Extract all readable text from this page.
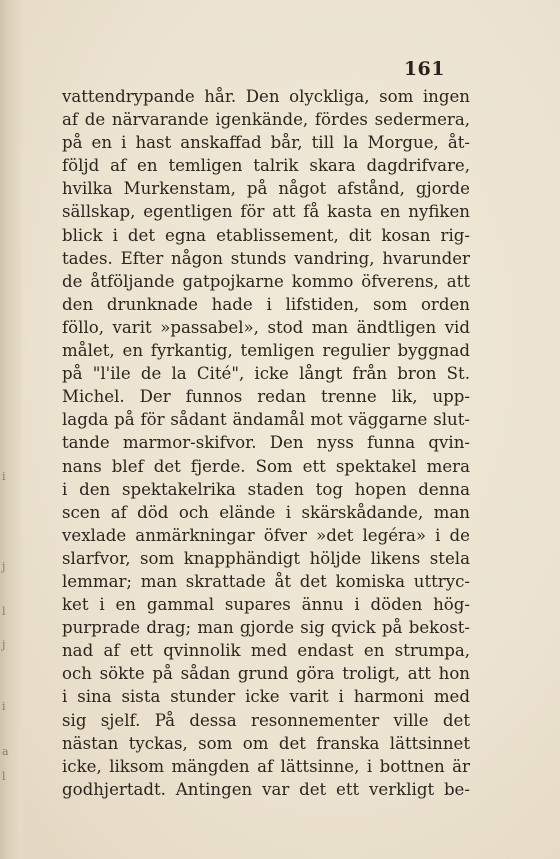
i
j
l
j
i
a
l
161
vattendrypande hår. Den olyckliga, som ingen
af de närvarande igenkände, fördes sedermera,
på en i hast anskaffad bår, till la Morgue, åt-
följd af en temligen talrik skara dagdrifvare,
hvilka Murkenstam, på något afstånd, gjorde
sällskap, egentligen för att få kasta en nyfiken
blick i det egna etablissement, dit kosan rig-
tades. Efter någon stunds vandring, hvarunder
de åtföljande gatpojkarne kommo öfverens, att
den drunknade hade i lifstiden, som orden
föllo, varit »passabel», stod man ändtligen vid
målet, en fyrkantig, temligen regulier byggnad
på "l'ile de la Cité", icke långt från bron St.
Michel. Der funnos redan trenne lik, upp-
lagda på för sådant ändamål mot väggarne slut-
tande marmor-skifvor. Den nyss funna qvin-
nans blef det fjerde. Som ett spektakel mera
i den spektakelrika staden tog hopen denna
scen af död och elände i skärskådande, man
vexlade anmärkningar öfver »det legéra» i de
slarfvor, som knapphändigt höljde likens stela
lemmar; man skrattade åt det komiska uttryc-
ket i en gammal supares ännu i döden hög-
purprade drag; man gjorde sig qvick på bekost-
nad af ett qvinnolik med endast en strumpa,
och sökte på sådan grund göra troligt, att hon
i sina sista stunder icke varit i harmoni med
sig sjelf. På dessa resonnementer ville det
nästan tyckas, som om det franska lättsinnet
icke, liksom mängden af lättsinne, i bottnen är
godhjertadt. Antingen var det ett verkligt be-
